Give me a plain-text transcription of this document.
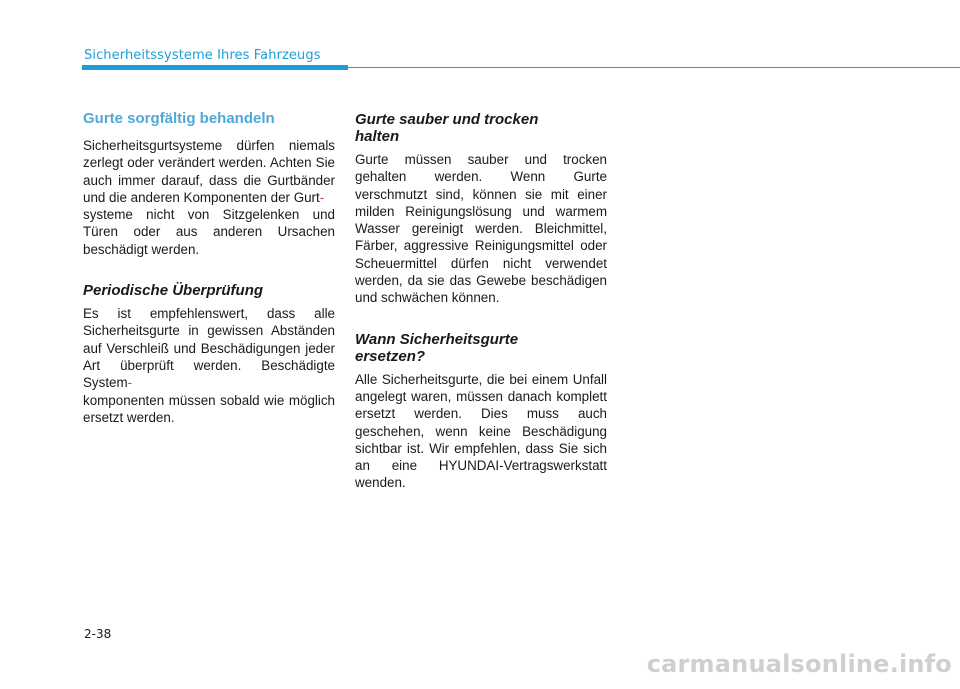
Sicherheitssysteme Ihres Fahrzeugs
Gurte sorgfältig behandeln

Sicherheitsgurtsysteme dürfen niemals zerlegt oder verändert werden. Achten Sie auch immer darauf, dass die Gurtbänder und die anderen Komponenten der Gurt-
systeme nicht von Sitzgelenken und Türen oder aus anderen Ursachen beschädigt werden.

Periodische Überprüfung

Es ist empfehlenswert, dass alle Sicherheitsgurte in gewissen Abständen auf Verschleiß und Beschädigungen jeder Art überprüft werden. Beschädigte System-
komponenten müssen sobald wie möglich ersetzt werden.

Gurte sauber und trocken
halten

Gurte müssen sauber und trocken gehalten werden. Wenn Gurte verschmutzt sind, können sie mit einer milden Reinigungslösung und warmem Wasser gereinigt werden. Bleichmittel, Färber, aggressive Reinigungsmittel oder Scheuermittel dürfen nicht verwendet werden, da sie das Gewebe beschädigen und schwächen können.

Wann Sicherheitsgurte
ersetzen?

Alle Sicherheitsgurte, die bei einem Unfall angelegt waren, müssen danach komplett ersetzt werden. Dies muss auch geschehen, wenn keine Beschädigung sichtbar ist. Wir empfehlen, dass Sie sich an eine HYUNDAI-Vertragswerkstatt wenden.

2-38
carmanualsonline.info
